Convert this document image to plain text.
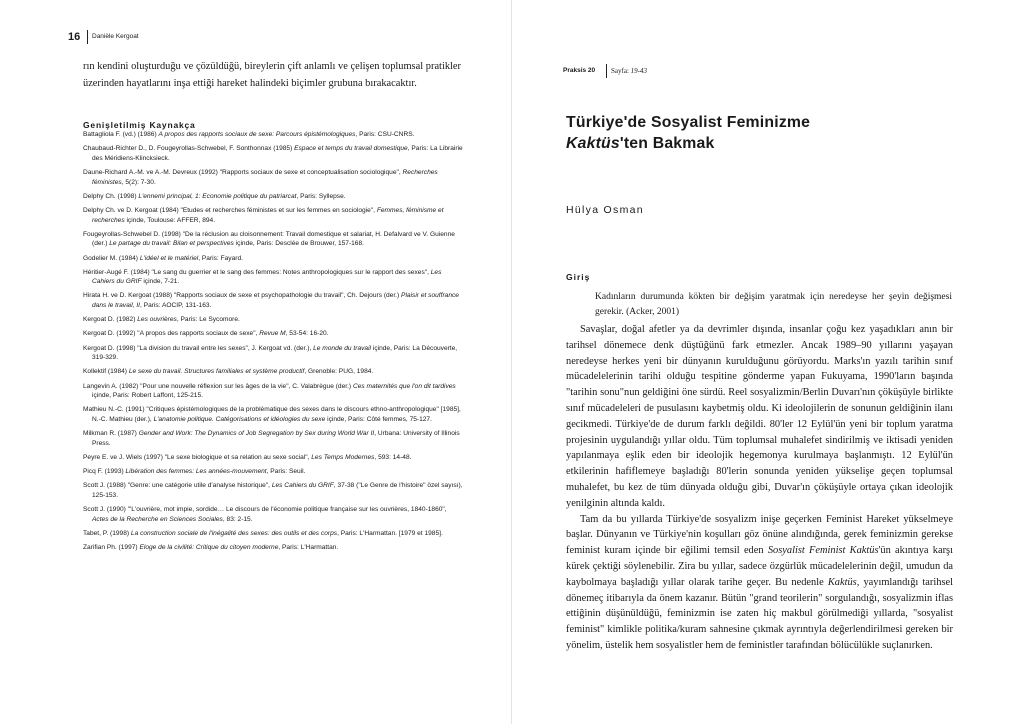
16 Danièle Kergoat
rın kendini oluşturduğu ve çözüldüğü, bireylerin çift anlamlı ve çelişen toplumsal pratikler üzerinden hayatlarını inşa ettiği hareket halindeki biçimler grubuna bırakacaktır.
Genişletilmiş Kaynakça
Battagliola F. (vd.) (1986) A propos des rapports sociaux de sexe: Parcours épistémologiques, Paris: CSU-CNRS.
Chaubaud-Richter D., D. Fougeyrollas-Schwebel, F. Sonthonnax (1985) Espace et temps du travail domestique, Paris: La Librairie des Méridiens-Klincksieck.
Daune-Richard A.-M. ve A.-M. Devreux (1992) "Rapports sociaux de sexe et conceptualisation sociologique", Recherches féministes, 5(2): 7-30.
Delphy Ch. (1998) L'ennemi principal, 1: Economie politique du patriarcat, Paris: Syllepse.
Delphy Ch. ve D. Kergoat (1984) "Etudes et recherches féministes et sur les femmes en sociologie", Femmes, féminisme et recherches içinde, Toulouse: AFFER, 894.
Fougeyrollas-Schwebel D. (1998) "De la réclusion au cloisonnement: Travail domestique et salariat, H. Defalvard ve V. Guienne (der.) Le partage du travail: Bilan et perspectives içinde, Paris: Desclée de Brouwer, 157-168.
Godelier M. (1984) L'idéel et le matériel, Paris: Fayard.
Héritier-Augé F. (1984) "Le sang du guerrier et le sang des femmes: Notes anthropologiques sur le rapport des sexes", Les Cahiers du GRIF içinde, 7-21.
Hirata H. ve D. Kergoat (1988) "Rapports sociaux de sexe et psychopathologie du travail", Ch. Dejours (der.) Plaisir et souffrance dans le travail, II, Paris: AOCIP, 131-163.
Kergoat D. (1982) Les ouvrières, Paris: Le Sycomore.
Kergoat D. (1992) "A propos des rapports sociaux de sexe", Revue M, 53-54: 16-20.
Kergoat D. (1998) "La division du travail entre les sexes", J. Kergoat vd. (der.), Le monde du travail içinde, Paris: La Découverte, 319-329.
Kollektif (1984) Le sexe du travail. Structures familiales et système productif, Grenoble: PUG, 1984.
Langevin A. (1982) "Pour une nouvelle réflexion sur les âges de la vie", C. Valabrègue (der.) Ces maternités que l'on dit tardives içinde, Paris: Robert Laffont, 125-215.
Mathieu N.-C. (1991) "Critiques épistémologiques de la problématique des sexes dans le discours ethno-anthropologique" [1985], N.-C. Mathieu (der.), L'anatomie politique. Catégorisations et idéologies du sexe içinde, Paris: Côté femmes, 75-127.
Milkman R. (1987) Gender and Work: The Dynamics of Job Segregation by Sex during World War II, Urbana: University of Illinois Press.
Peyre E. ve J. Wiels (1997) "Le sexe biologique et sa relation au sexe social", Les Temps Modernes, 593: 14-48.
Picq F. (1993) Libération des femmes: Les années-mouvement, Paris: Seuil.
Scott J. (1988) "Genre: une catégorie utile d'analyse historique", Les Cahiers du GRIF, 37-38 ("Le Genre de l'histoire" özel sayısı), 125-153.
Scott J. (1990) "'L'ouvrière, mot impie, sordide… Le discours de l'économie politique française sur les ouvrières, 1840-1860", Actes de la Recherche en Sciences Sociales, 83: 2-15.
Tabet, P. (1998) La construction sociale de l'inégalité des sexes: des outils et des corps, Paris: L'Harmattan. [1979 et 1985].
Zarifian Ph. (1997) Eloge de la civilité: Critique du citoyen moderne, Paris: L'Harmattan.
Praksis 20 Sayfa: 19-43
Türkiye'de Sosyalist Feminizme
Kaktüs'ten Bakmak
Hülya Osman
Giriş
Kadınların durumunda kökten bir değişim yaratmak için neredeyse her şeyin değişmesi gerekir. (Acker, 2001)

Savaşlar, doğal afetler ya da devrimler dışında, insanlar çoğu kez yaşadıkları anın bir tarihsel dönemece denk düştüğünü fark etmezler. Ancak 1989–90 yıllarını yaşayan neredeyse herkes yeni bir dünyanın kurulduğunu görüyordu. Marks'ın yazılı tarihin sınıf mücadelelerinin tarihi olduğu tespitine gönderme yapan Fukuyama, 1990'ların başında "tarihin sonu"nun geldiğini öne sürdü. Reel sosyalizmin/Berlin Duvarı'nın çöküşüyle birlikte sınıf mücadeleleri de pusulasını kaybetmiş oldu. Ki ideolojilerin de sonunun geldiğinin ilanı gecikmedi. Türkiye'de de durum farklı değildi. 80'ler 12 Eylül'ün yeni bir toplum yaratma projesinin uygulandığı yıllar oldu. Tüm toplumsal muhalefet sindirilmiş ve iktisadi yeniden yapılanmaya eşlik eden bir ideolojik hegemonya kurulmaya başlanmıştı. 12 Eylül'ün etkilerinin hafiflemeye başladığı 80'lerin sonunda yeniden yükselişe geçen toplumsal muhalefet, bu kez de tüm dünyada olduğu gibi, Duvar'ın çöküşüyle ortaya çıkan ideolojik yenilginin altında kaldı.

Tam da bu yıllarda Türkiye'de sosyalizm inişe geçerken Feminist Hareket yükselmeye başlar. Dünyanın ve Türkiye'nin koşulları göz önüne alındığında, gerek feminizmin gerekse feminist kuram içinde bir eğilimi temsil eden Sosyalist Feminist Kaktüs'ün akıntıya karşı kürek çektiği söylenebilir. Zira bu yıllar, sadece özgürlük mücadelelerinin değil, umudun da kaybolmaya başladığı yıllar olarak tarihe geçer. Bu nedenle Kaktüs, yayımlandığı tarihsel dönemeç itibarıyla da önem kazanır. Bütün "grand teorilerin" sorgulandığı, sosyalizmin iflas ettiğinin düşünüldüğü, feminizmin ise zaten hiç makbul görülmediği yıllarda, "sosyalist feminist" kimlikle politika/kuram sahnesine çıkmak ayrıntıyla değerlendirilmesi gereken bir yönelim, üstelik hem sosyalistler hem de feministler tarafından bölücülükle suçlanırken.
